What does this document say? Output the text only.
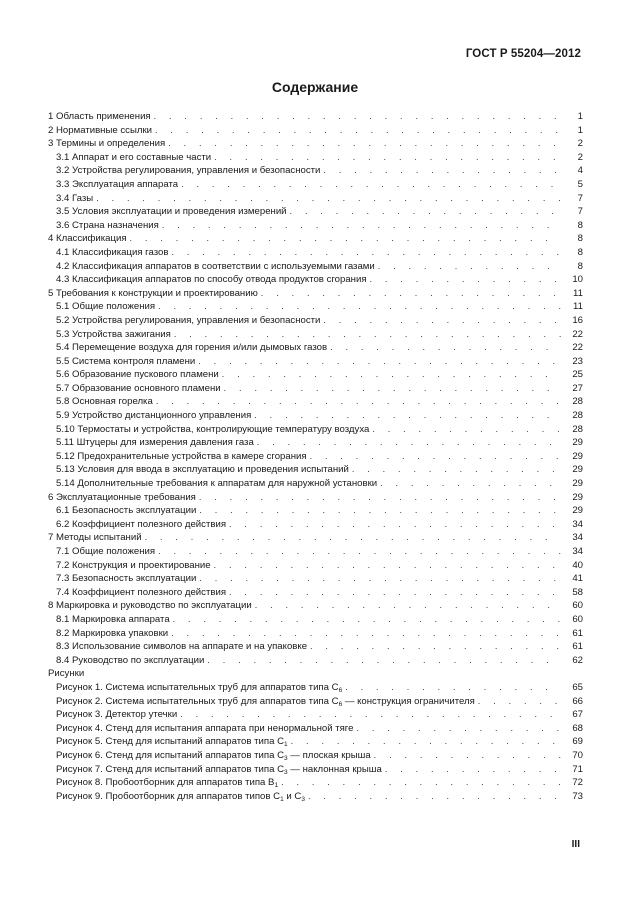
ГОСТ Р 55204—2012
Содержание
1 Область применения . . .	1
2 Нормативные ссылки . . .	1
3 Термины и определения . . .	2
3.1 Аппарат и его составные части . . .	2
3.2 Устройства регулирования, управления и безопасности . . .	4
3.3 Эксплуатация аппарата . . .	5
3.4 Газы . . .	7
3.5 Условия эксплуатации и проведения измерений . . .	7
3.6 Страна назначения . . .	8
4 Классификация . . .	8
4.1 Классификация газов . . .	8
4.2 Классификация аппаратов в соответствии с используемыми газами . . .	8
4.3 Классификация аппаратов по способу отвода продуктов сгорания . . .	10
5 Требования к конструкции и проектированию . . .	11
5.1 Общие положения . . .	11
5.2 Устройства регулирования, управления и безопасности . . .	16
5.3 Устройства зажигания . . .	22
5.4 Перемещение воздуха для горения и/или дымовых газов . . .	22
5.5 Система контроля пламени . . .	23
5.6 Образование пускового пламени . . .	25
5.7 Образование основного пламени . . .	27
5.8 Основная горелка . . .	28
5.9 Устройство дистанционного управления . . .	28
5.10 Термостаты и устройства, контролирующие температуру воздуха . . .	28
5.11 Штуцеры для измерения давления газа . . .	29
5.12 Предохранительные устройства в камере сгорания . . .	29
5.13 Условия для ввода в эксплуатацию и проведения испытаний . . .	29
5.14 Дополнительные требования к аппаратам для наружной установки . . .	29
6 Эксплуатационные требования . . .	29
6.1 Безопасность эксплуатации . . .	29
6.2 Коэффициент полезного действия . . .	34
7 Методы испытаний . . .	34
7.1 Общие положения . . .	34
7.2 Конструкция и проектирование . . .	40
7.3 Безопасность эксплуатации . . .	41
7.4 Коэффициент полезного действия . . .	58
8 Маркировка и руководство по эксплуатации . . .	60
8.1 Маркировка аппарата . . .	60
8.2 Маркировка упаковки . . .	61
8.3 Использование символов на аппарате и на упаковке . . .	61
8.4 Руководство по эксплуатации . . .	62
Рисунки
Рисунок 1. Система испытательных труб для аппаратов типа $C_6$ . . .	65
Рисунок 2. Система испытательных труб для аппаратов типа $C_6$ — конструкция ограничителя . . .	66
Рисунок 3. Детектор утечки . . .	67
Рисунок 4. Стенд для испытания аппарата при ненормальной тяге . . .	68
Рисунок 5. Стенд для испытаний аппаратов типа $C_1$ . . .	69
Рисунок 6. Стенд для испытаний аппаратов типа $C_3$ — плоская крыша . . .	70
Рисунок 7. Стенд для испытаний аппаратов типа $C_3$ — наклонная крыша . . .	71
Рисунок 8. Пробоотборник для аппаратов типа $B_1$ . . .	72
Рисунок 9. Пробоотборник для аппаратов типов $C_1$ и $C_3$ . . .	73
III
